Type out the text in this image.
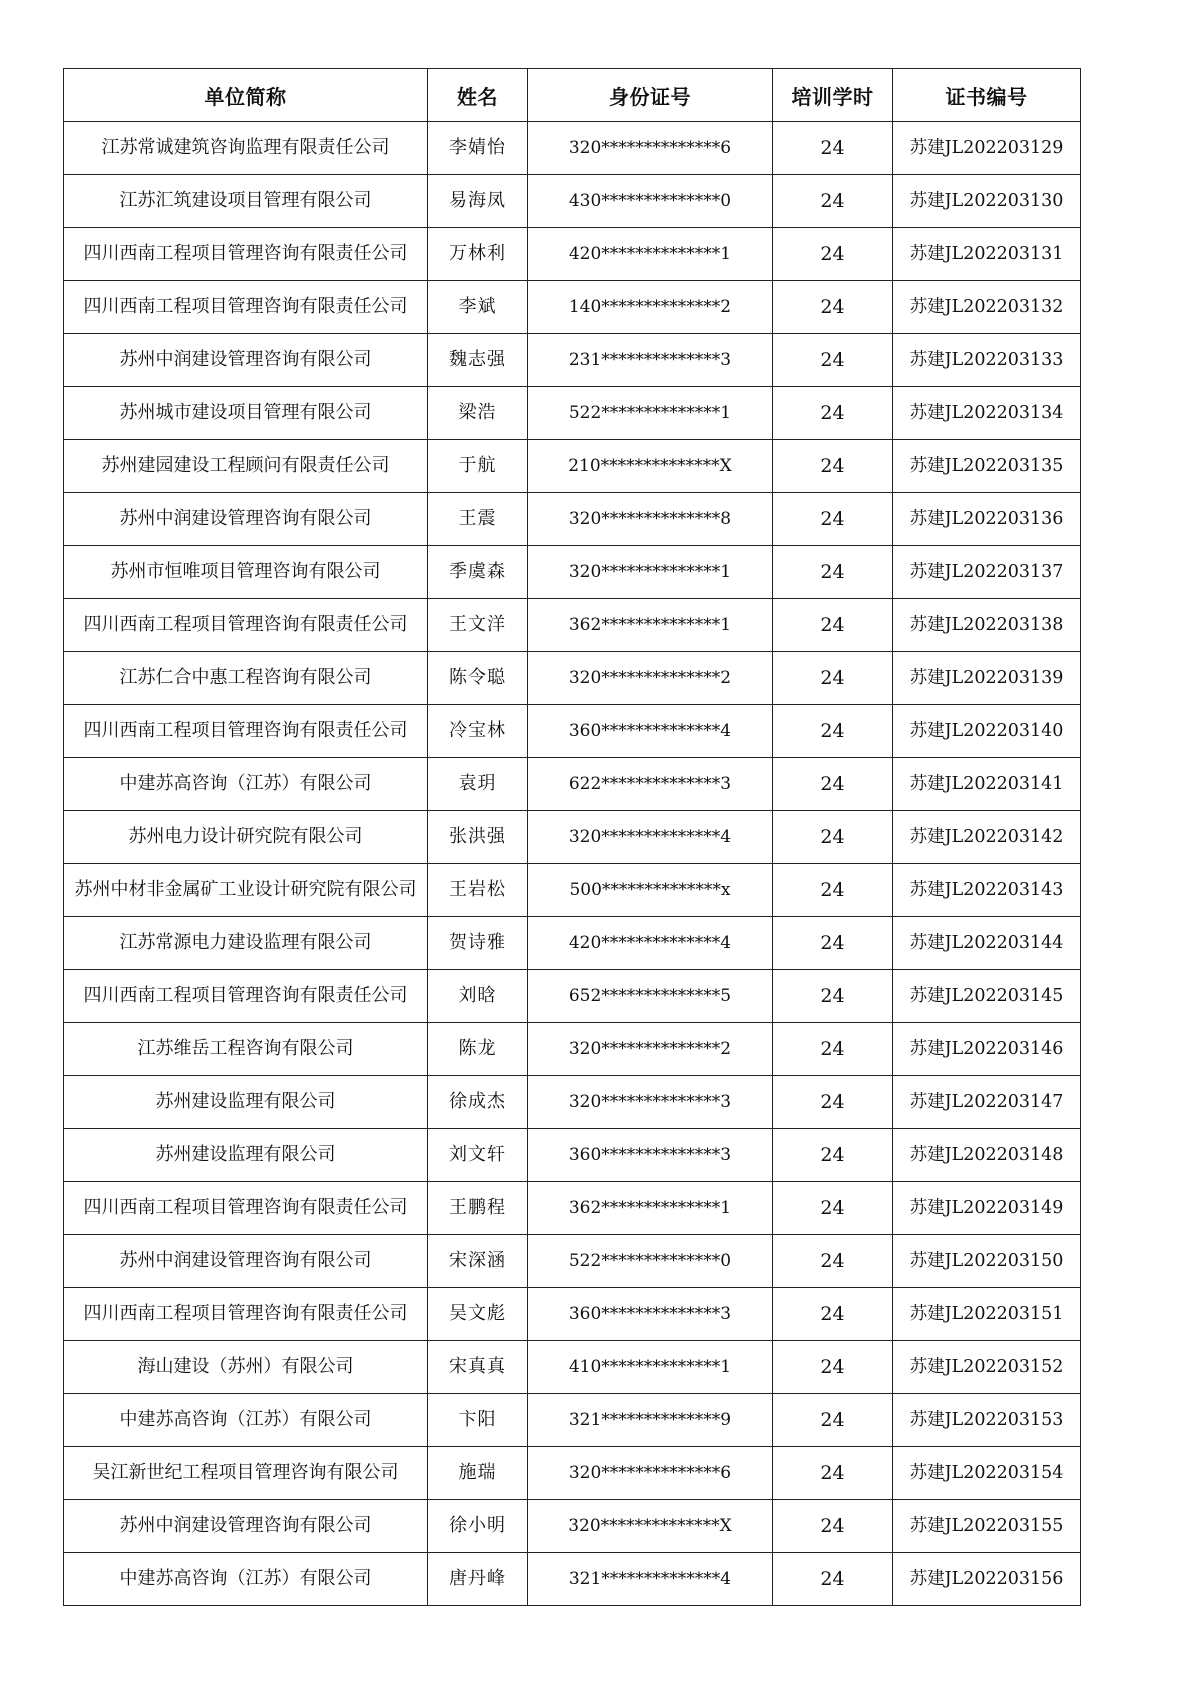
单位简称	姓名	身份证号	培训学时	证书编号
江苏常诚建筑咨询监理有限责任公司	李婧怡	320**************6	24	苏建JL202203129
江苏汇筑建设项目管理有限公司	易海凤	430**************0	24	苏建JL202203130
四川西南工程项目管理咨询有限责任公司	万林利	420**************1	24	苏建JL202203131
四川西南工程项目管理咨询有限责任公司	李斌	140**************2	24	苏建JL202203132
苏州中润建设管理咨询有限公司	魏志强	231**************3	24	苏建JL202203133
苏州城市建设项目管理有限公司	梁浩	522**************1	24	苏建JL202203134
苏州建园建设工程顾问有限责任公司	于航	210**************X	24	苏建JL202203135
苏州中润建设管理咨询有限公司	王震	320**************8	24	苏建JL202203136
苏州市恒唯项目管理咨询有限公司	季虞森	320**************1	24	苏建JL202203137
四川西南工程项目管理咨询有限责任公司	王文洋	362**************1	24	苏建JL202203138
江苏仁合中惠工程咨询有限公司	陈令聪	320**************2	24	苏建JL202203139
四川西南工程项目管理咨询有限责任公司	冷宝林	360**************4	24	苏建JL202203140
中建苏高咨询（江苏）有限公司	袁玥	622**************3	24	苏建JL202203141
苏州电力设计研究院有限公司	张洪强	320**************4	24	苏建JL202203142
苏州中材非金属矿工业设计研究院有限公司	王岩松	500**************x	24	苏建JL202203143
江苏常源电力建设监理有限公司	贺诗雅	420**************4	24	苏建JL202203144
四川西南工程项目管理咨询有限责任公司	刘晗	652**************5	24	苏建JL202203145
江苏维岳工程咨询有限公司	陈龙	320**************2	24	苏建JL202203146
苏州建设监理有限公司	徐成杰	320**************3	24	苏建JL202203147
苏州建设监理有限公司	刘文轩	360**************3	24	苏建JL202203148
四川西南工程项目管理咨询有限责任公司	王鹏程	362**************1	24	苏建JL202203149
苏州中润建设管理咨询有限公司	宋深涵	522**************0	24	苏建JL202203150
四川西南工程项目管理咨询有限责任公司	吴文彪	360**************3	24	苏建JL202203151
海山建设（苏州）有限公司	宋真真	410**************1	24	苏建JL202203152
中建苏高咨询（江苏）有限公司	卞阳	321**************9	24	苏建JL202203153
吴江新世纪工程项目管理咨询有限公司	施瑞	320**************6	24	苏建JL202203154
苏州中润建设管理咨询有限公司	徐小明	320**************X	24	苏建JL202203155
中建苏高咨询（江苏）有限公司	唐丹峰	321**************4	24	苏建JL202203156
